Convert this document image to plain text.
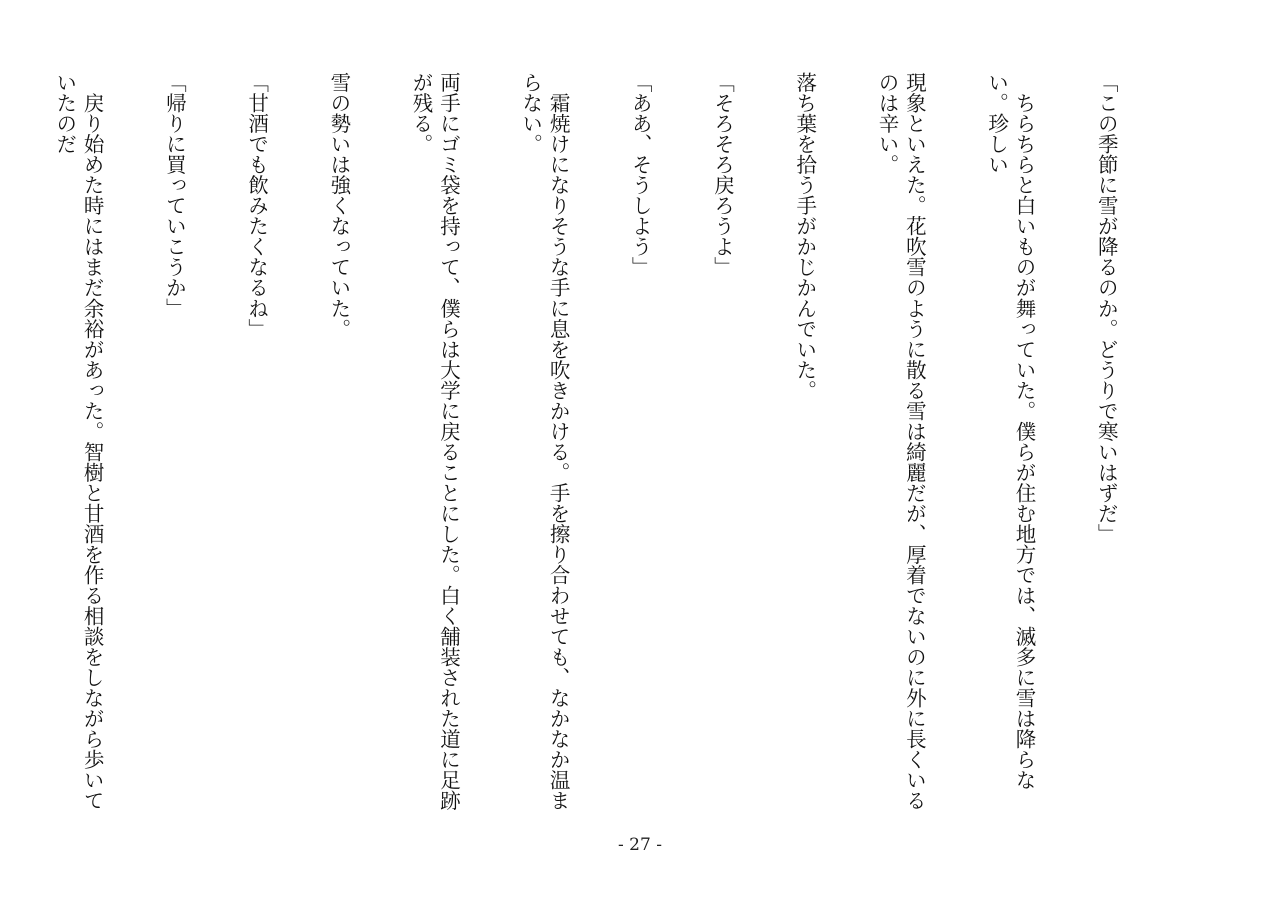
「この季節に雪が降るのか。どうりで寒いはずだ」

　ちらちらと白いものが舞っていた。僕らが住む地方では、滅多に雪は降らない。珍しい

現象といえた。花吹雪のように散る雪は綺麗だが、厚着でないのに外に長くいるのは辛い。

落ち葉を拾う手がかじかんでいた。

「そろそろ戻ろうよ」

「ああ、そうしよう」

　霜焼けになりそうな手に息を吹きかける。手を擦り合わせても、なかなか温まらない。

両手にゴミ袋を持って、僕らは大学に戻ることにした。白く舗装された道に足跡が残る。

雪の勢いは強くなっていた。

「甘酒でも飲みたくなるね」

「帰りに買っていこうか」

　戻り始めた時にはまだ余裕があった。智樹と甘酒を作る相談をしながら歩いていたのだ

- 27 -
